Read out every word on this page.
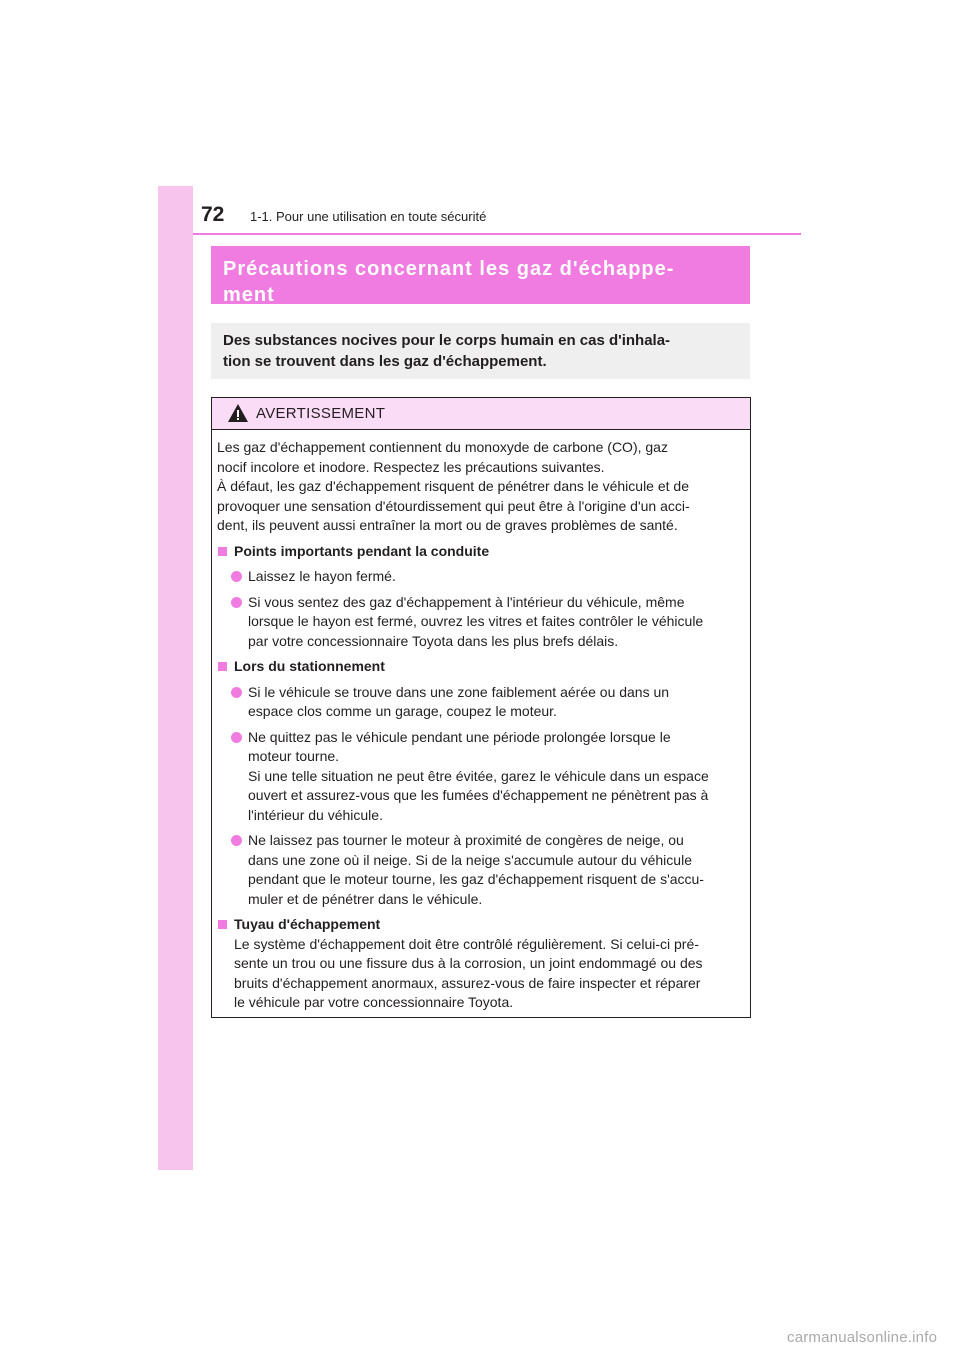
72 1-1. Pour une utilisation en toute sécurité
Précautions concernant les gaz d'échappe-
ment

Des substances nocives pour le corps humain en cas d'inhala-
tion se trouvent dans les gaz d'échappement.

AVERTISSEMENT

Les gaz d'échappement contiennent du monoxyde de carbone (CO), gaz
nocif incolore et inodore. Respectez les précautions suivantes.
À défaut, les gaz d'échappement risquent de pénétrer dans le véhicule et de
provoquer une sensation d'étourdissement qui peut être à l'origine d'un acci-
dent, ils peuvent aussi entraîner la mort ou de graves problèmes de santé.

Points importants pendant la conduite

Laissez le hayon fermé.

Si vous sentez des gaz d'échappement à l'intérieur du véhicule, même
lorsque le hayon est fermé, ouvrez les vitres et faites contrôler le véhicule
par votre concessionnaire Toyota dans les plus brefs délais.

Lors du stationnement

Si le véhicule se trouve dans une zone faiblement aérée ou dans un
espace clos comme un garage, coupez le moteur.

Ne quittez pas le véhicule pendant une période prolongée lorsque le
moteur tourne.
Si une telle situation ne peut être évitée, garez le véhicule dans un espace
ouvert et assurez-vous que les fumées d'échappement ne pénètrent pas à
l'intérieur du véhicule.

Ne laissez pas tourner le moteur à proximité de congères de neige, ou
dans une zone où il neige. Si de la neige s'accumule autour du véhicule
pendant que le moteur tourne, les gaz d'échappement risquent de s'accu-
muler et de pénétrer dans le véhicule.

Tuyau d'échappement

Le système d'échappement doit être contrôlé régulièrement. Si celui-ci pré-
sente un trou ou une fissure dus à la corrosion, un joint endommagé ou des
bruits d'échappement anormaux, assurez-vous de faire inspecter et réparer
le véhicule par votre concessionnaire Toyota.

carmanualsonline.info
